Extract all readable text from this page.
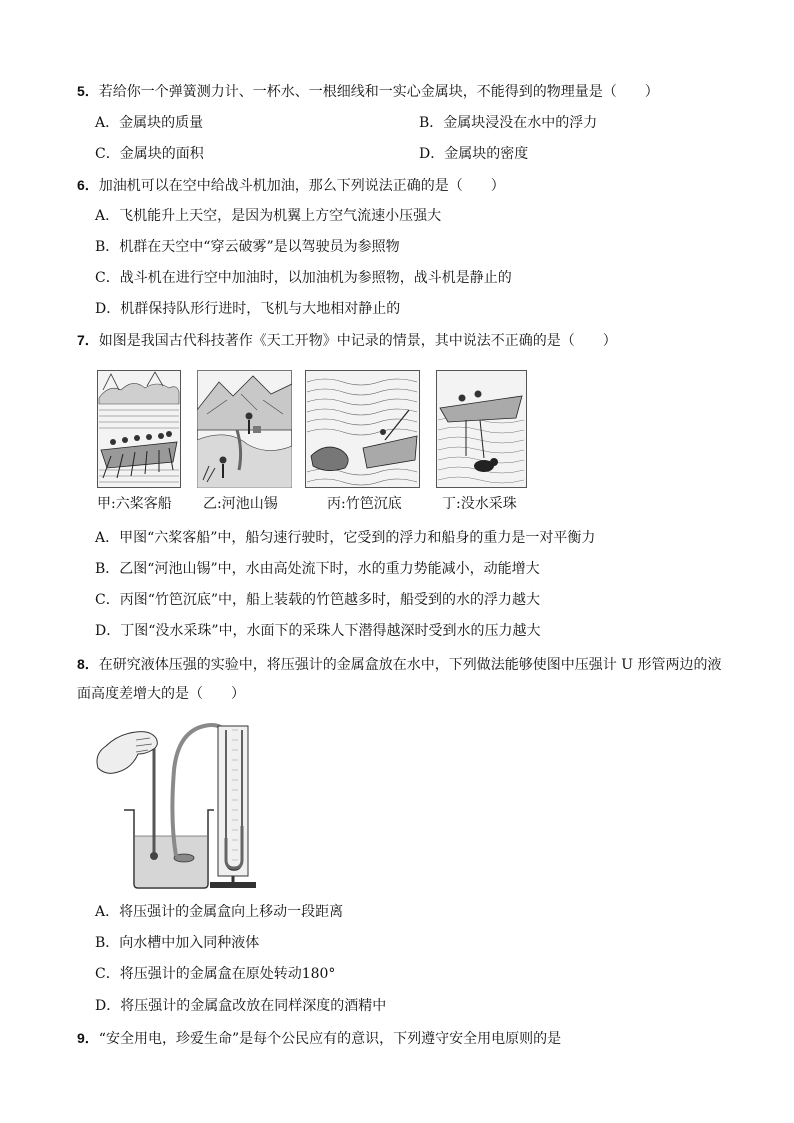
5．若给你一个弹簧测力计、一杯水、一根细线和一实心金属块，不能得到的物理量是（　　）
A．金属块的质量	B．金属块浸没在水中的浮力
C．金属块的面积	D．金属块的密度
6．加油机可以在空中给战斗机加油，那么下列说法正确的是（　　）
A．飞机能升上天空，是因为机翼上方空气流速小压强大
B．机群在天空中“穿云破雾”是以驾驶员为参照物
C．战斗机在进行空中加油时，以加油机为参照物，战斗机是静止的
D．机群保持队形行进时，飞机与大地相对静止的
7．如图是我国古代科技著作《天工开物》中记录的情景，其中说法不正确的是（　　）
甲:六桨客船 乙:河池山锡	丙:竹笆沉底	丁:没水采珠
A．甲图“六桨客船”中，船匀速行驶时，它受到的浮力和船身的重力是一对平衡力
B．乙图“河池山锡”中，水由高处流下时，水的重力势能减小，动能增大
C．丙图“竹笆沉底”中，船上装载的竹笆越多时，船受到的水的浮力越大
D．丁图“没水采珠”中，水面下的采珠人下潜得越深时受到水的压力越大
8．在研究液体压强的实验中，将压强计的金属盒放在水中，下列做法能够使图中压强计 U 形管两边的液
面高度差增大的是（　　）
A．将压强计的金属盒向上移动一段距离
B．向水槽中加入同种液体
C．将压强计的金属盒在原处转动180°
D．将压强计的金属盒改放在同样深度的酒精中
9．“安全用电，珍爱生命”是每个公民应有的意识，下列遵守安全用电原则的是
